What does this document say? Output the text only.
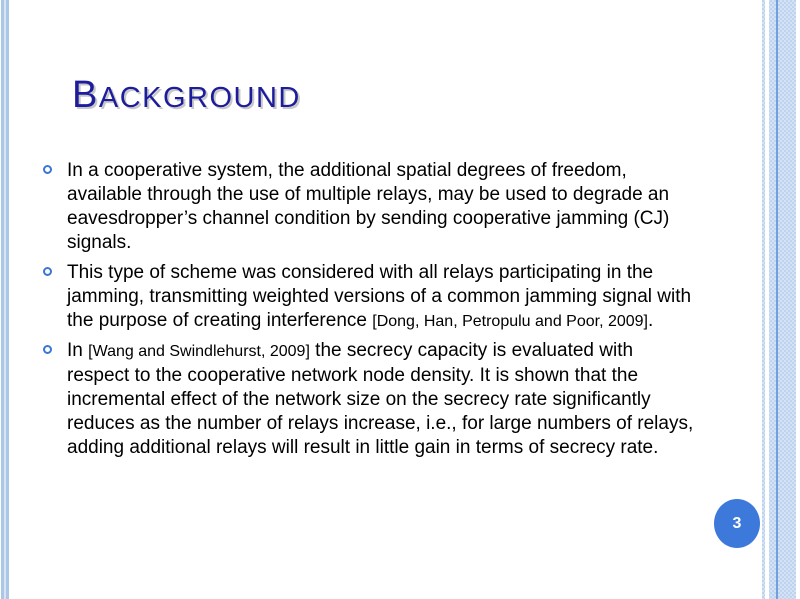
BACKGROUND

In a cooperative system, the additional spatial degrees of freedom, available through the use of multiple relays, may be used to degrade an eavesdropper’s channel condition by sending cooperative jamming (CJ) signals.

This type of scheme was considered with all relays participating in the jamming, transmitting weighted versions of a common jamming signal with the purpose of creating interference [Dong, Han, Petropulu and Poor, 2009].

In [Wang and Swindlehurst, 2009] the secrecy capacity is evaluated with respect to the cooperative network node density. It is shown that the incremental effect of the network size on the secrecy rate significantly reduces as the number of relays increase, i.e., for large numbers of relays, adding additional relays will result in little gain in terms of secrecy rate.

3
